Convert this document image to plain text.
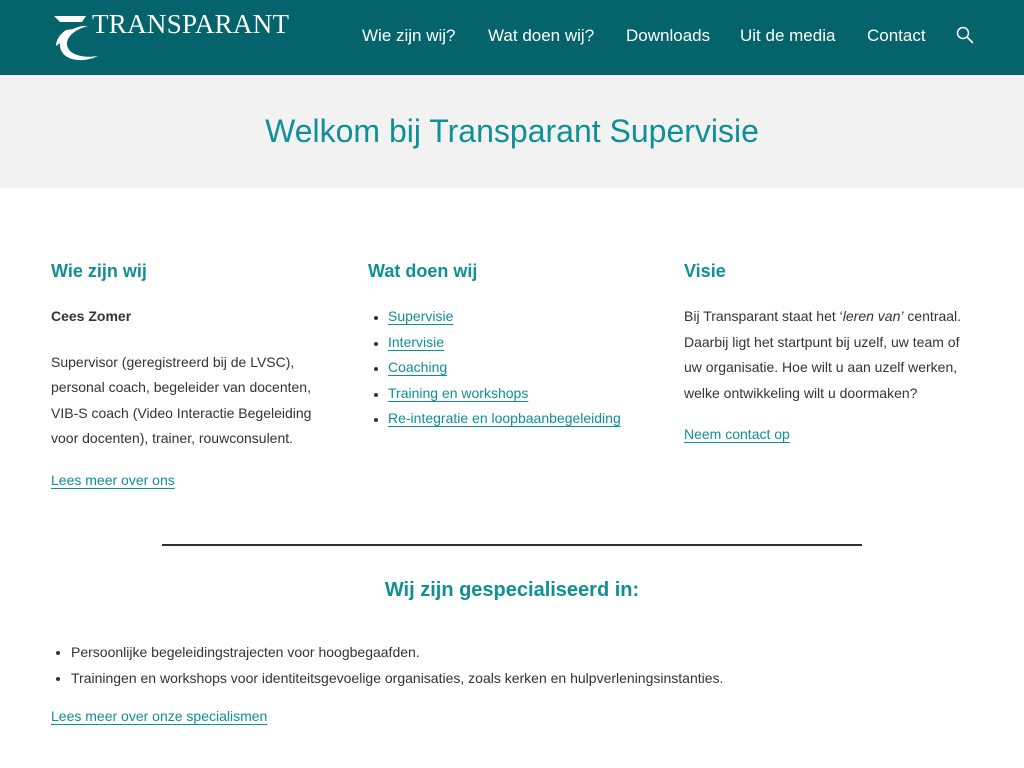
TRANSPARANT	Wie zijn wij? Wat doen wij? Downloads Uit de media Contact
Welkom bij Transparant Supervisie
Wie zijn wij

Cees Zomer

Supervisor (geregistreerd bij de LVSC), personal coach, begeleider van docenten, VIB-S coach (Video Interactie Begeleiding voor docenten), trainer, rouwconsulent.

Lees meer over ons
Wat doen wij
• Supervisie
• Intervisie
• Coaching
• Training en workshops
• Re-integratie en loopbaanbegeleiding
Visie

Bij Transparant staat het ‘leren van’ centraal. Daarbij ligt het startpunt bij uzelf, uw team of uw organisatie. Hoe wilt u aan uzelf werken, welke ontwikkeling wilt u doormaken?

Neem contact op
Wij zijn gespecialiseerd in:
• Persoonlijke begeleidingstrajecten voor hoogbegaafden.
• Trainingen en workshops voor identiteitsgevoelige organisaties, zoals kerken en hulpverleningsinstanties.
Lees meer over onze specialismen
